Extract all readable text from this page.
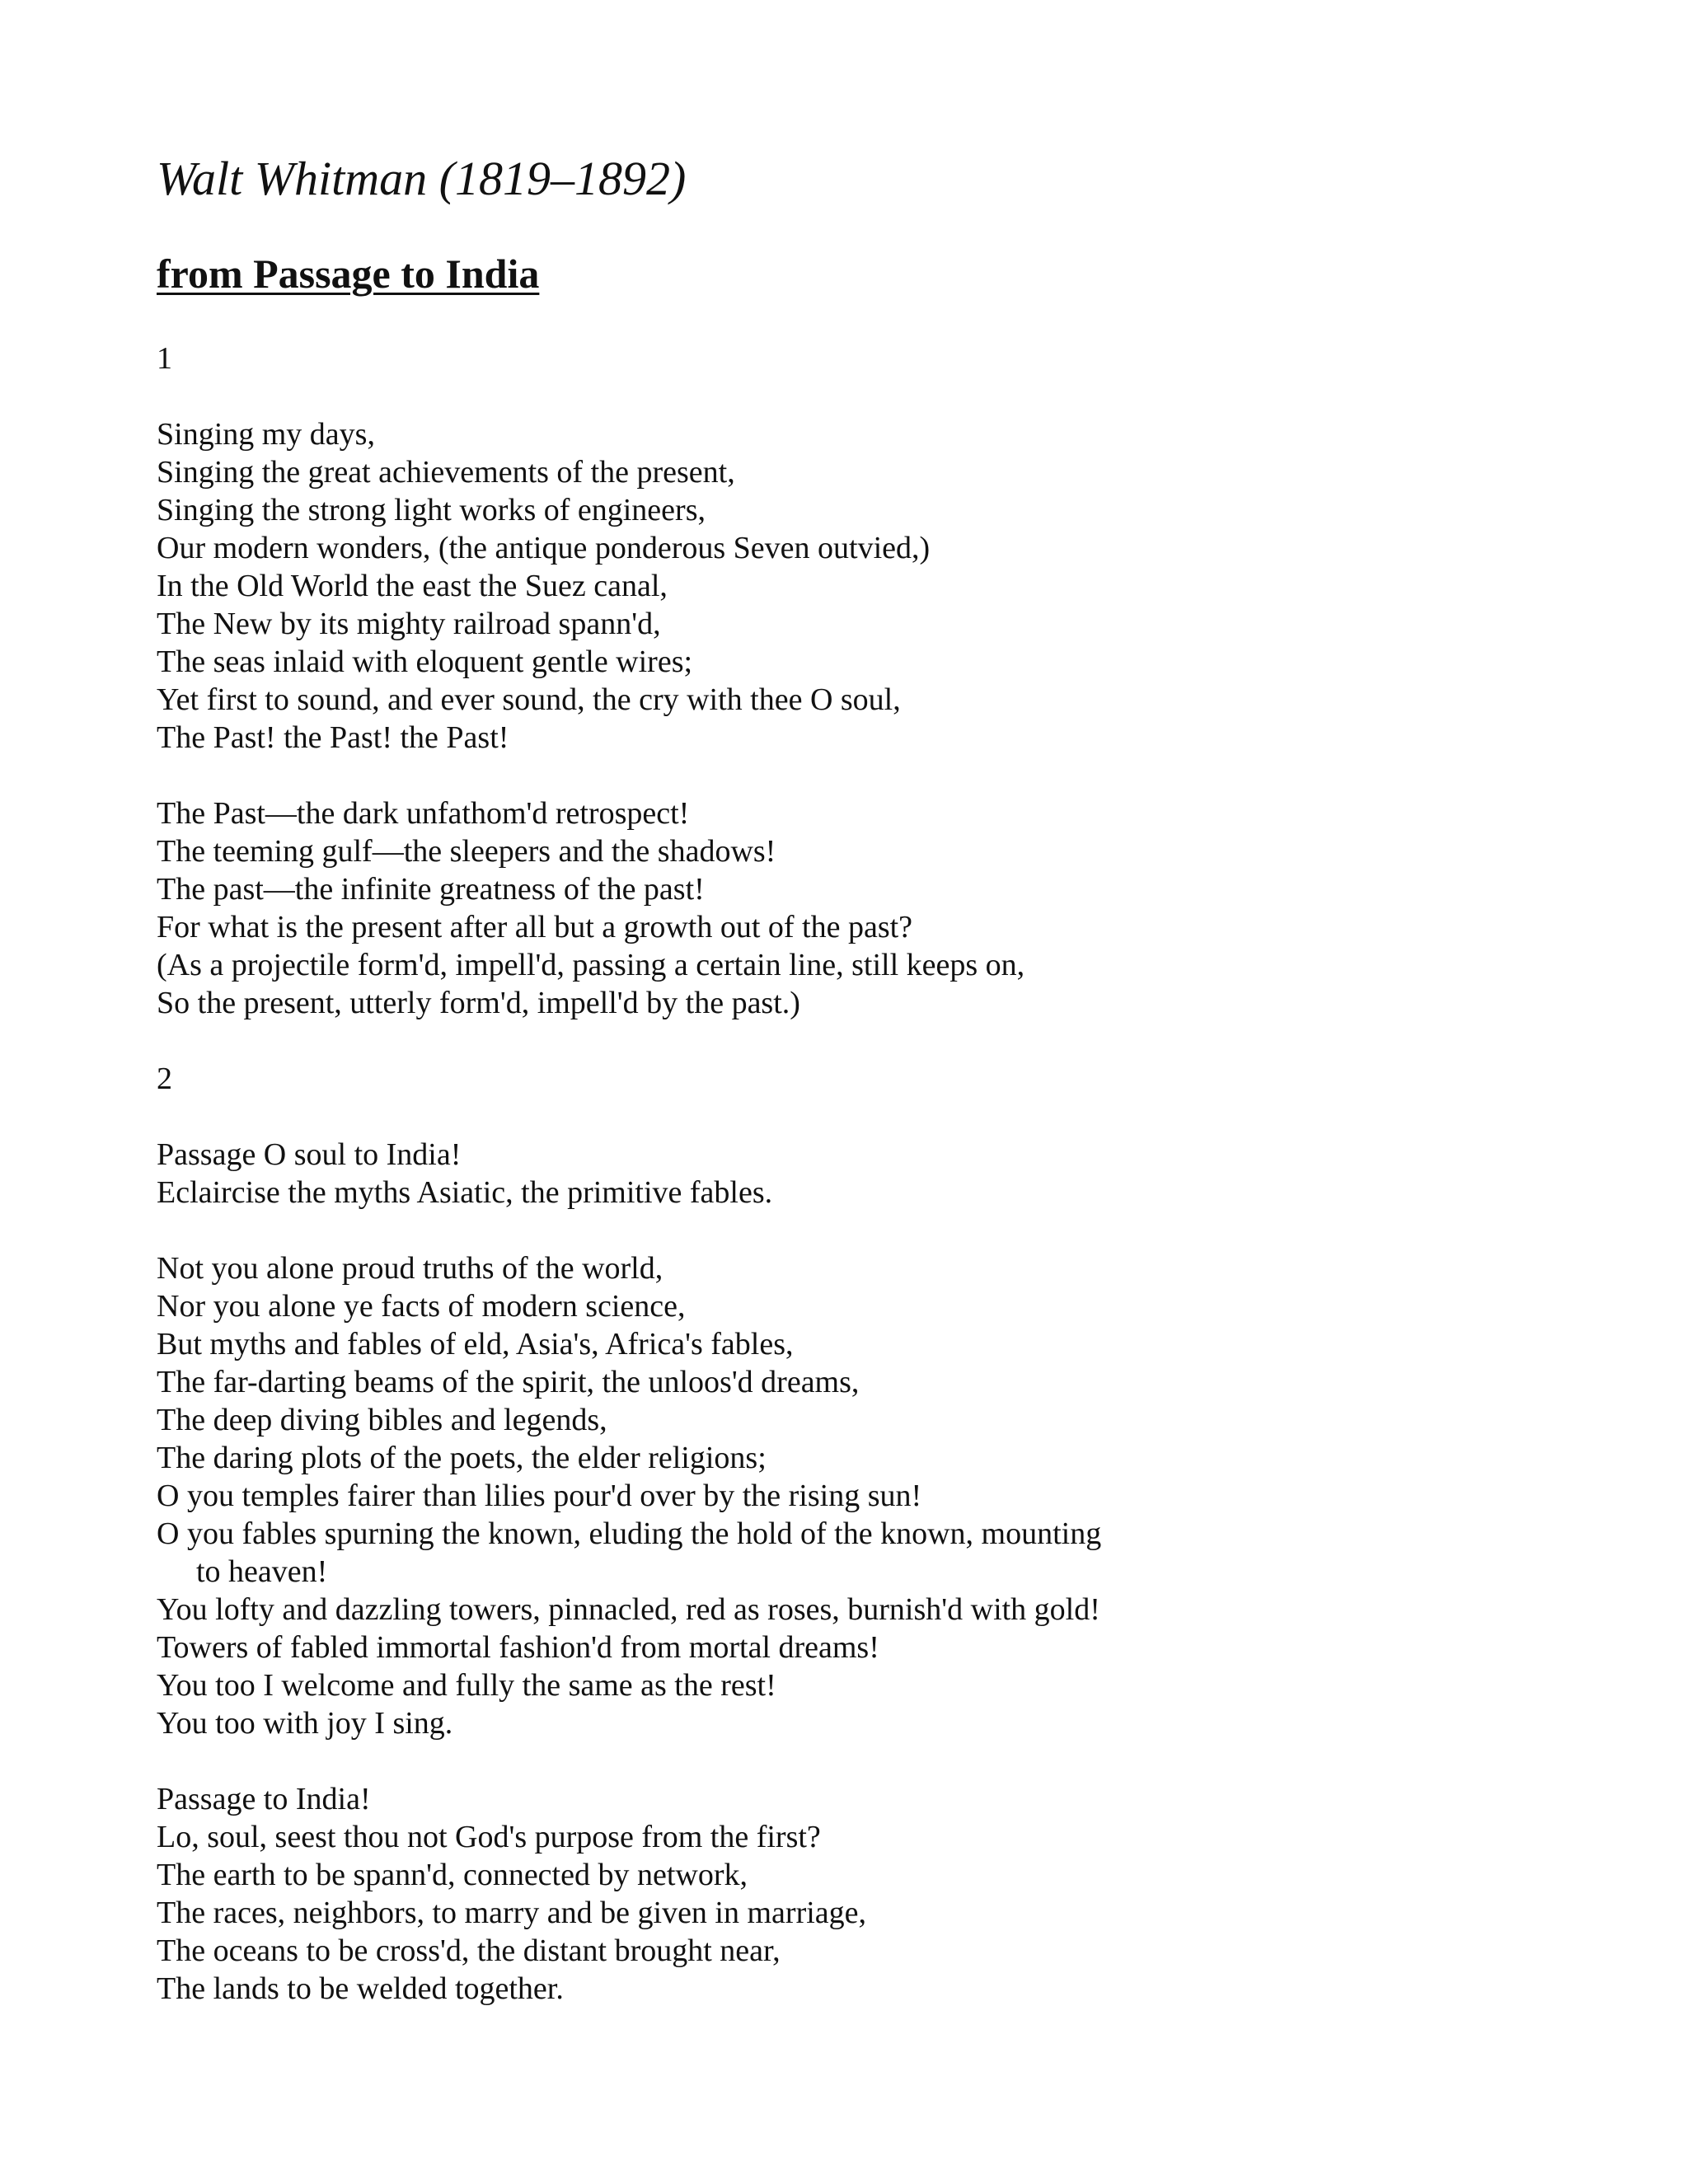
Walt Whitman (1819–1892)
from Passage to India
1
Singing my days,
Singing the great achievements of the present,
Singing the strong light works of engineers,
Our modern wonders, (the antique ponderous Seven outvied,)
In the Old World the east the Suez canal,
The New by its mighty railroad spann'd,
The seas inlaid with eloquent gentle wires;
Yet first to sound, and ever sound, the cry with thee O soul,
The Past! the Past! the Past!
The Past—the dark unfathom'd retrospect!
The teeming gulf—the sleepers and the shadows!
The past—the infinite greatness of the past!
For what is the present after all but a growth out of the past?
(As a projectile form'd, impell'd, passing a certain line, still keeps on,
So the present, utterly form'd, impell'd by the past.)
2
Passage O soul to India!
Eclaircise the myths Asiatic, the primitive fables.
Not you alone proud truths of the world,
Nor you alone ye facts of modern science,
But myths and fables of eld, Asia's, Africa's fables,
The far-darting beams of the spirit, the unloos'd dreams,
The deep diving bibles and legends,
The daring plots of the poets, the elder religions;
O you temples fairer than lilies pour'd over by the rising sun!
O you fables spurning the known, eluding the hold of the known, mounting
to heaven!
You lofty and dazzling towers, pinnacled, red as roses, burnish'd with gold!
Towers of fabled immortal fashion'd from mortal dreams!
You too I welcome and fully the same as the rest!
You too with joy I sing.
Passage to India!
Lo, soul, seest thou not God's purpose from the first?
The earth to be spann'd, connected by network,
The races, neighbors, to marry and be given in marriage,
The oceans to be cross'd, the distant brought near,
The lands to be welded together.
